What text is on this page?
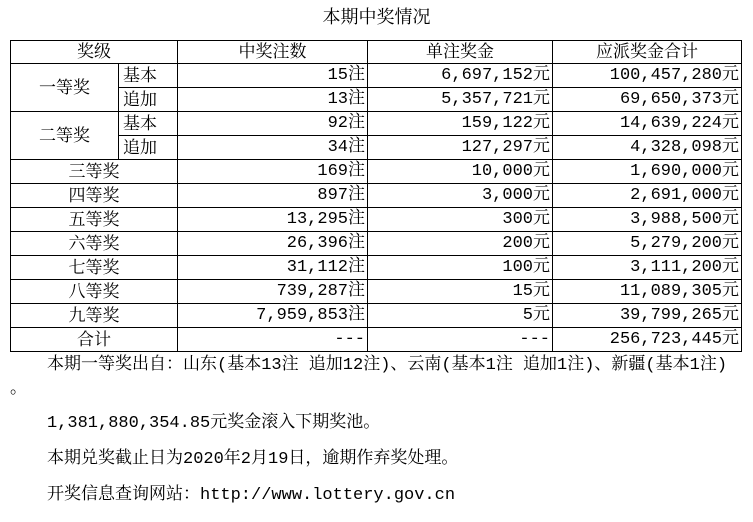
本期中奖情况
奖级		中奖注数	单注奖金	应派奖金合计
一等奖	基本	15注	6,697,152元	100,457,280元
	追加	13注	5,357,721元	69,650,373元
二等奖	基本	92注	159,122元	14,639,224元
	追加	34注	127,297元	4,328,098元
三等奖		169注	10,000元	1,690,000元
四等奖		897注	3,000元	2,691,000元
五等奖		13,295注	300元	3,988,500元
六等奖		26,396注	200元	5,279,200元
七等奖		31,112注	100元	3,111,200元
八等奖		739,287注	15元	11,089,305元
九等奖		7,959,853注	5元	39,799,265元
合计		---	---	256,723,445元
本期一等奖出自：山东(基本13注 追加12注)、云南(基本1注 追加1注)、新疆(基本1注)。
1,381,880,354.85元奖金滚入下期奖池。
本期兑奖截止日为2020年2月19日，逾期作弃奖处理。
开奖信息查询网站：http://www.lottery.gov.cn
